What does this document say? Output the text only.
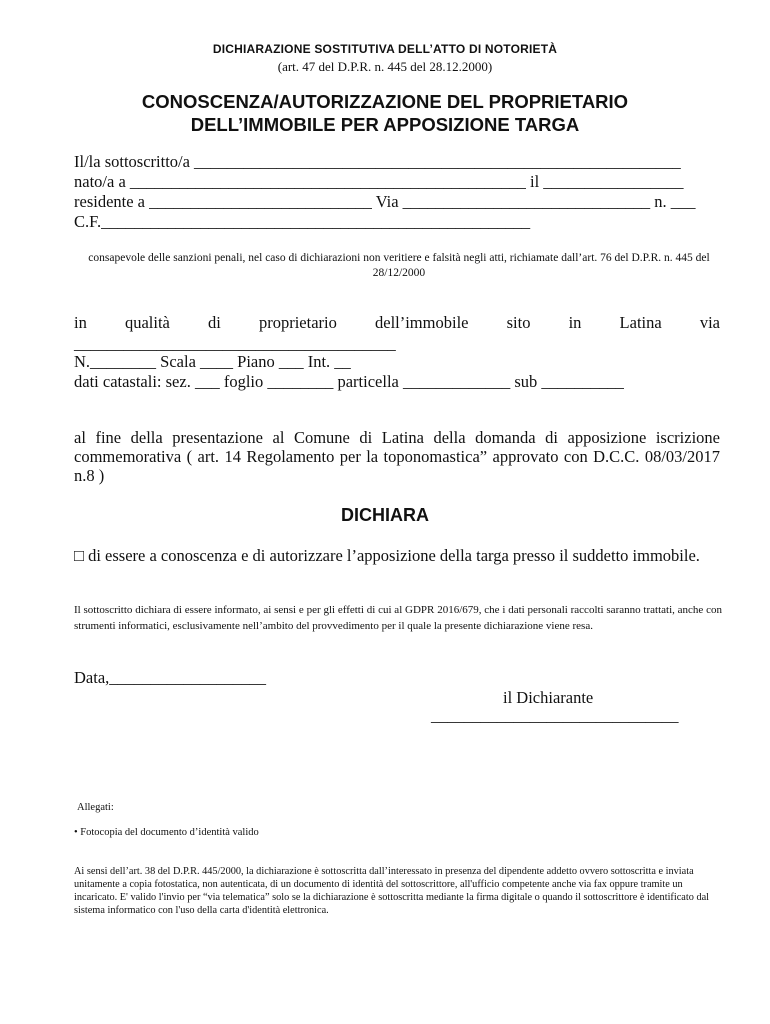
DICHIARAZIONE SOSTITUTIVA DELL’ATTO DI NOTORIETÀ
(art. 47 del D.P.R. n. 445 del 28.12.2000)
CONOSCENZA/AUTORIZZAZIONE DEL PROPRIETARIO
DELL’IMMOBILE PER APPOSIZIONE TARGA
Il/la sottoscritto/a ___________________________________________________________
nato/a a ________________________________________________ il _________________
residente a ___________________________ Via ______________________________ n. ___
C.F.____________________________________________________
consapevole delle sanzioni penali, nel caso di dichiarazioni non veritiere e falsità negli atti, richiamate dall’art. 76 del D.P.R. n. 445 del 28/12/2000
in qualità di proprietario dell’immobile sito in Latina via
_______________________________________
N.________ Scala ____ Piano ___ Int. __
dati catastali: sez. ___ foglio ________ particella _____________ sub __________
al fine della presentazione al Comune di Latina della domanda di apposizione iscrizione commemorativa ( art. 14 Regolamento per la toponomastica” approvato con D.C.C. 08/03/2017 n.8 )
DICHIARA
□ di essere a conoscenza e di autorizzare l’apposizione della targa presso il suddetto immobile.
Il sottoscritto dichiara di essere informato, ai sensi e per gli effetti di cui al GDPR 2016/679, che i dati personali raccolti saranno trattati, anche con strumenti informatici, esclusivamente nell’ambito del provvedimento per il quale la presente dichiarazione viene resa.
Data,___________________
il Dichiarante
______________________________
Allegati:
• Fotocopia del documento d’identità valido
Ai sensi dell’art. 38 del D.P.R. 445/2000, la dichiarazione è sottoscritta dall’interessato in presenza del dipendente addetto ovvero sottoscritta e inviata unitamente a copia fotostatica, non autenticata, di un documento di identità del sottoscrittore, all'ufficio competente anche via fax oppure tramite un incaricato. E' valido l'invio per “via telematica” solo se la dichiarazione è sottoscritta mediante la firma digitale o quando il sottoscrittore è identificato dal sistema informatico con l'uso della carta d'identità elettronica.
